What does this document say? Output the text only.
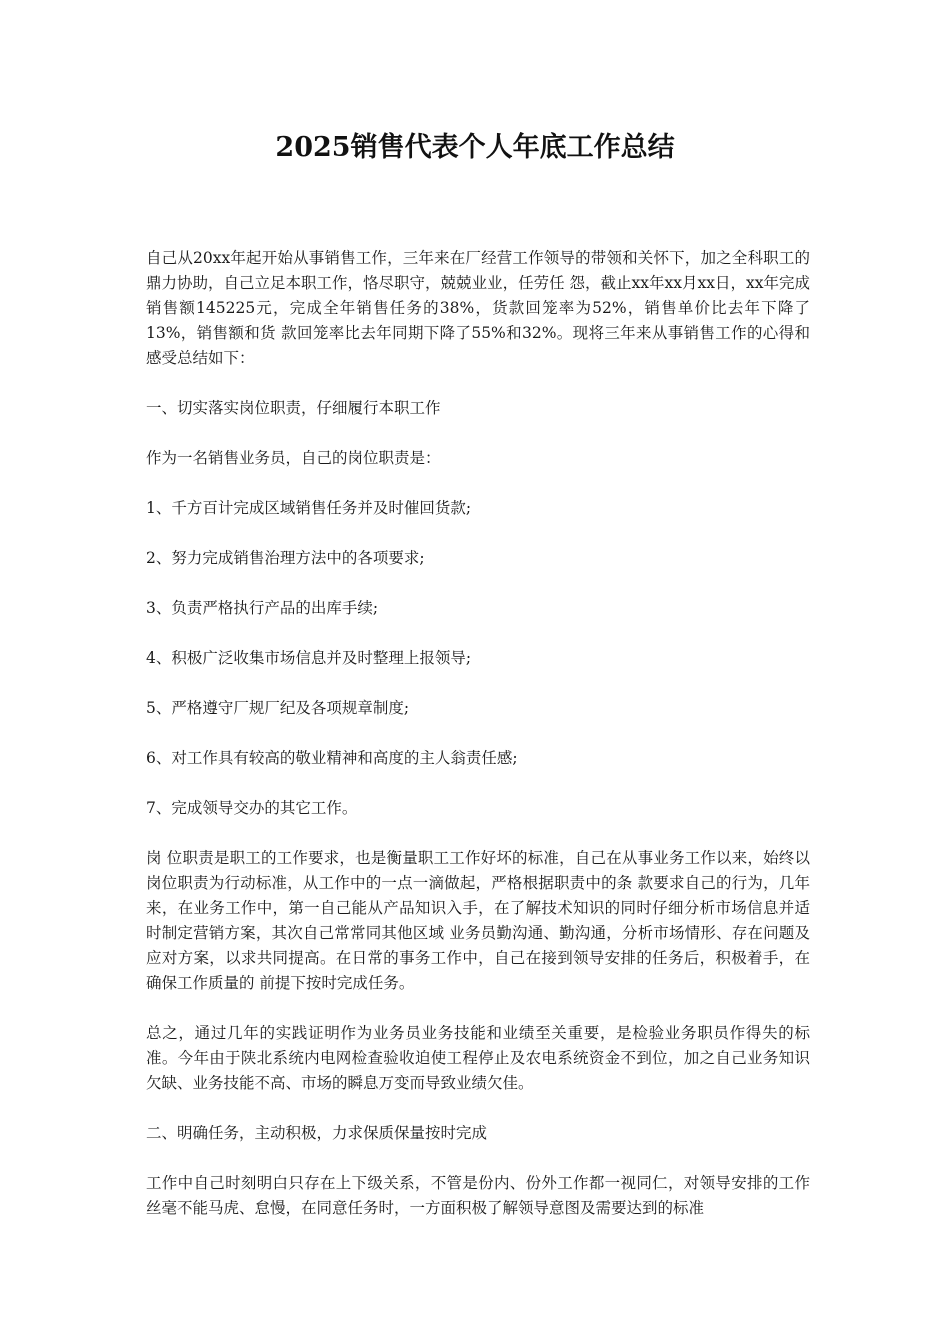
2025销售代表个人年底工作总结

自己从20xx年起开始从事销售工作，三年来在厂经营工作领导的带领和关怀下，加之全科职工的鼎力协助，自己立足本职工作，恪尽职守，兢兢业业，任劳任 怨，截止xx年xx月xx日，xx年完成销售额145225元，完成全年销售任务的38%，货款回笼率为52%，销售单价比去年下降了13%，销售额和货 款回笼率比去年同期下降了55%和32%。现将三年来从事销售工作的心得和感受总结如下：

一、切实落实岗位职责，仔细履行本职工作

作为一名销售业务员，自己的岗位职责是：

1、千方百计完成区域销售任务并及时催回货款;

2、努力完成销售治理方法中的各项要求;

3、负责严格执行产品的出库手续;

4、积极广泛收集市场信息并及时整理上报领导;

5、严格遵守厂规厂纪及各项规章制度;

6、对工作具有较高的敬业精神和高度的主人翁责任感;

7、完成领导交办的其它工作。

岗 位职责是职工的工作要求，也是衡量职工工作好坏的标准，自己在从事业务工作以来，始终以岗位职责为行动标准，从工作中的一点一滴做起，严格根据职责中的条 款要求自己的行为，几年来，在业务工作中，第一自己能从产品知识入手，在了解技术知识的同时仔细分析市场信息并适时制定营销方案，其次自己常常同其他区域 业务员勤沟通、勤沟通，分析市场情形、存在问题及应对方案，以求共同提高。在日常的事务工作中，自己在接到领导安排的任务后，积极着手，在确保工作质量的 前提下按时完成任务。

总之，通过几年的实践证明作为业务员业务技能和业绩至关重要，是检验业务职员作得失的标准。今年由于陕北系统内电网检查验收迫使工程停止及农电系统资金不到位，加之自己业务知识欠缺、业务技能不高、市场的瞬息万变而导致业绩欠佳。

二、明确任务，主动积极，力求保质保量按时完成

工作中自己时刻明白只存在上下级关系，不管是份内、份外工作都一视同仁，对领导安排的工作丝毫不能马虎、怠慢，在同意任务时，一方面积极了解领导意图及需要达到的标准
